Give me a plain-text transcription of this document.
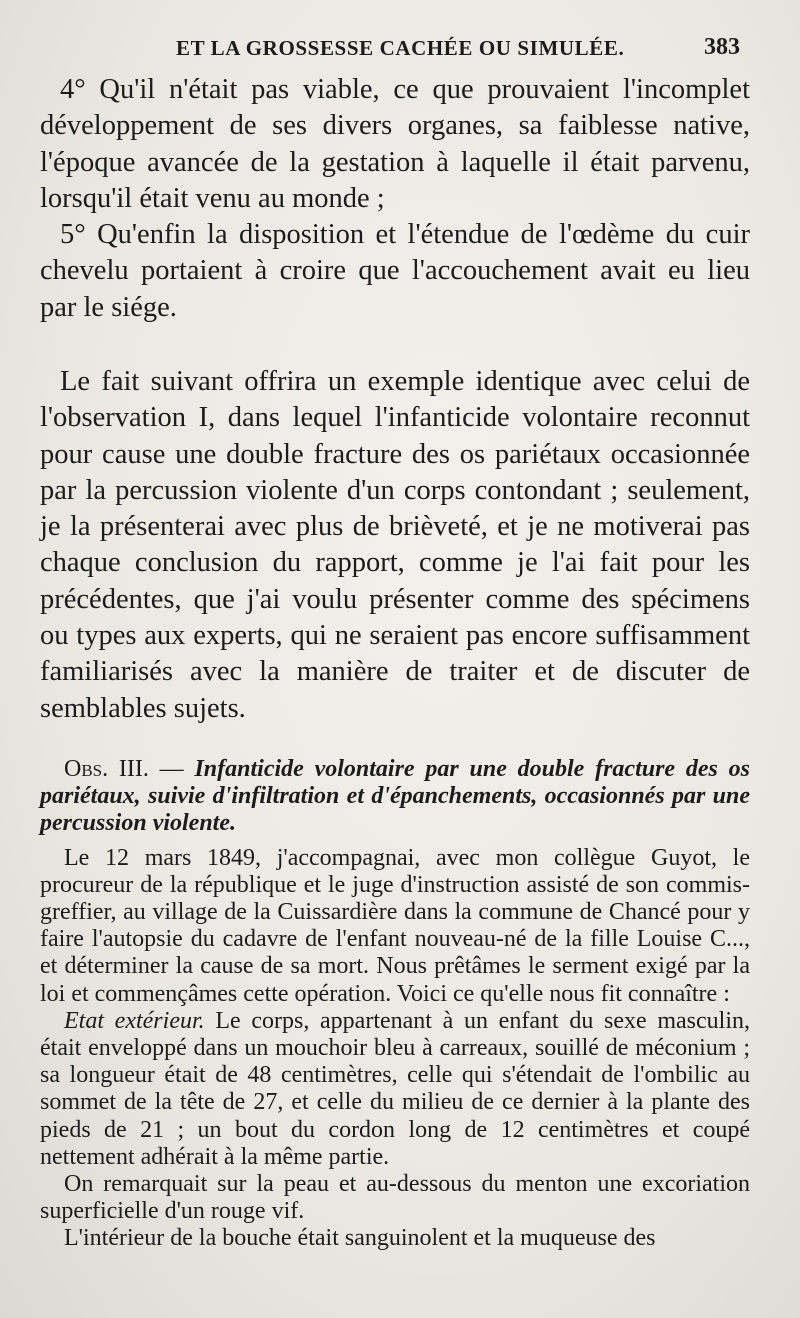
ET LA GROSSESSE CACHÉE OU SIMULÉE.	383

4° Qu'il n'était pas viable, ce que prouvaient l'incomplet développement de ses divers organes, sa faiblesse native, l'époque avancée de la gestation à laquelle il était parvenu, lorsqu'il était venu au monde ;

5° Qu'enfin la disposition et l'étendue de l'œdème du cuir chevelu portaient à croire que l'accouchement avait eu lieu par le siége.

Le fait suivant offrira un exemple identique avec celui de l'observation I, dans lequel l'infanticide volontaire reconnut pour cause une double fracture des os pariétaux occasionnée par la percussion violente d'un corps contondant ; seulement, je la présenterai avec plus de brièveté, et je ne motiverai pas chaque conclusion du rapport, comme je l'ai fait pour les précédentes, que j'ai voulu présenter comme des spécimens ou types aux experts, qui ne seraient pas encore suffisamment familiarisés avec la manière de traiter et de discuter de semblables sujets.

Obs. III. — Infanticide volontaire par une double fracture des os pariétaux, suivie d'infiltration et d'épanchements, occasionnés par une percussion violente.

Le 12 mars 1849, j'accompagnai, avec mon collègue Guyot, le procureur de la république et le juge d'instruction assisté de son commis-greffier, au village de la Cuissardière dans la commune de Chancé pour y faire l'autopsie du cadavre de l'enfant nouveau-né de la fille Louise C..., et déterminer la cause de sa mort. Nous prêtâmes le serment exigé par la loi et commençâmes cette opération. Voici ce qu'elle nous fit connaître :

Etat extérieur. Le corps, appartenant à un enfant du sexe masculin, était enveloppé dans un mouchoir bleu à carreaux, souillé de méconium ; sa longueur était de 48 centimètres, celle qui s'étendait de l'ombilic au sommet de la tête de 27, et celle du milieu de ce dernier à la plante des pieds de 21 ; un bout du cordon long de 12 centimètres et coupé nettement adhérait à la même partie.

On remarquait sur la peau et au-dessous du menton une excoriation superficielle d'un rouge vif.

L'intérieur de la bouche était sanguinolent et la muqueuse des
